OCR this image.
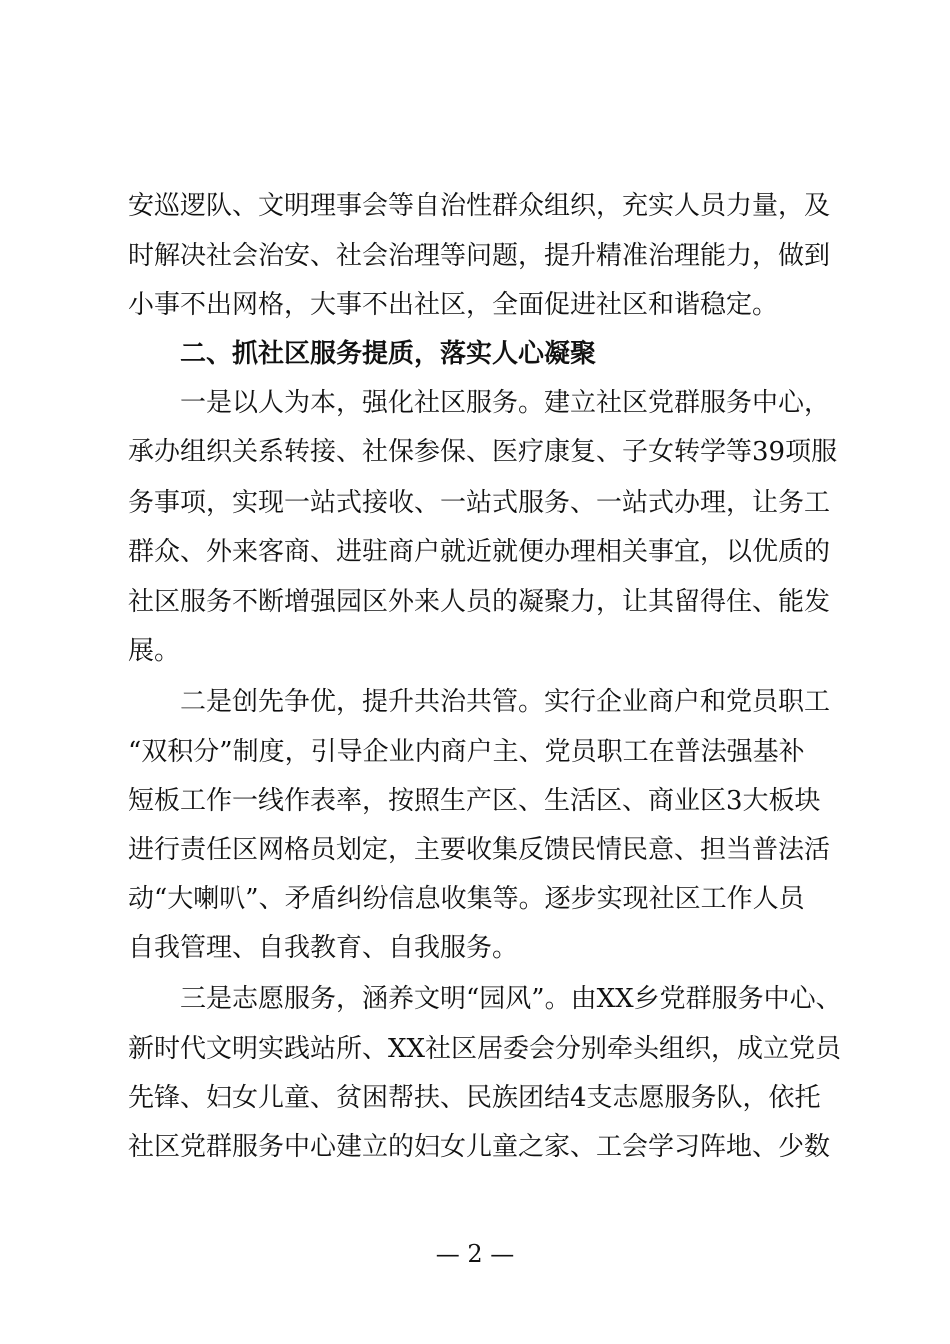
安巡逻队、文明理事会等自治性群众组织，充实人员力量，及
时解决社会治安、社会治理等问题，提升精准治理能力，做到
小事不出网格，大事不出社区，全面促进社区和谐稳定。
二、抓社区服务提质，落实人心凝聚
一是以人为本，强化社区服务。建立社区党群服务中心，
承办组织关系转接、社保参保、医疗康复、子女转学等39项服
务事项，实现一站式接收、一站式服务、一站式办理，让务工
群众、外来客商、进驻商户就近就便办理相关事宜，以优质的
社区服务不断增强园区外来人员的凝聚力，让其留得住、能发
展。
二是创先争优，提升共治共管。实行企业商户和党员职工
“双积分”制度，引导企业内商户主、党员职工在普法强基补
短板工作一线作表率，按照生产区、生活区、商业区3大板块
进行责任区网格员划定，主要收集反馈民情民意、担当普法活
动“大喇叭”、矛盾纠纷信息收集等。逐步实现社区工作人员
自我管理、自我教育、自我服务。
三是志愿服务，涵养文明“园风”。由XX乡党群服务中心、
新时代文明实践站所、XX社区居委会分别牵头组织，成立党员
先锋、妇女儿童、贫困帮扶、民族团结4支志愿服务队，依托
社区党群服务中心建立的妇女儿童之家、工会学习阵地、少数
— 2 —
